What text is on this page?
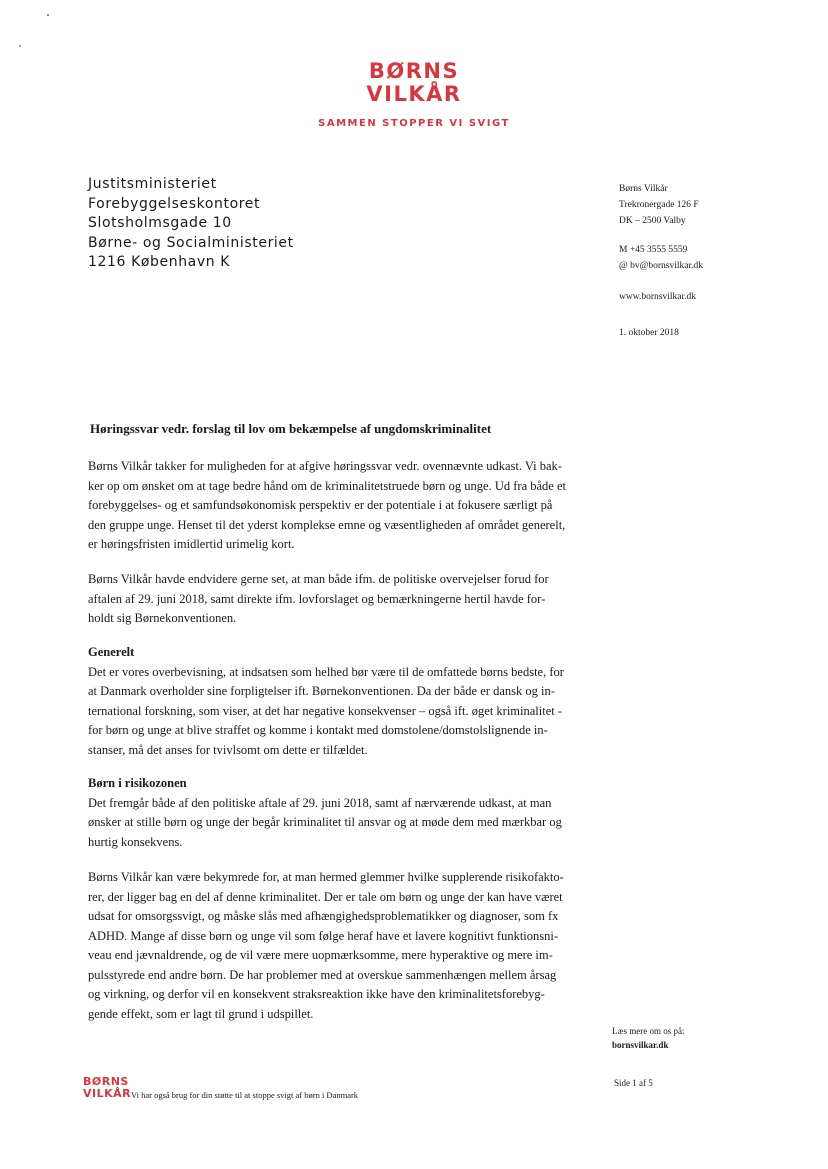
BØRNS
VILKÅR
SAMMEN STOPPER VI SVIGT
Justitsministeriet
Forebyggelseskontoret
Slotsholmsgade 10
Børne- og Socialministeriet
1216 København K
Børns Vilkår
Trekronergade 126 F
DK – 2500 Valby
M +45 3555 5559
@ bv@bornsvilkar.dk
www.bornsvilkar.dk
1. oktober 2018
Høringssvar vedr. forslag til lov om bekæmpelse af ungdomskriminalitet
Børns Vilkår takker for muligheden for at afgive høringssvar vedr. ovennævnte udkast. Vi bak-
ker op om ønsket om at tage bedre hånd om de kriminalitetstruede børn og unge. Ud fra både et
forebyggelses- og et samfundsøkonomisk perspektiv er der potentiale i at fokusere særligt på
den gruppe unge. Henset til det yderst komplekse emne og væsentligheden af området generelt,
er høringsfristen imidlertid urimelig kort.
Børns Vilkår havde endvidere gerne set, at man både ifm. de politiske overvejelser forud for
aftalen af 29. juni 2018, samt direkte ifm. lovforslaget og bemærkningerne hertil havde for-
holdt sig Børnekonventionen.
Generelt
Det er vores overbevisning, at indsatsen som helhed bør være til de omfattede børns bedste, for
at Danmark overholder sine forpligtelser ift. Børnekonventionen. Da der både er dansk og in-
ternational forskning, som viser, at det har negative konsekvenser – også ift. øget kriminalitet -
for børn og unge at blive straffet og komme i kontakt med domstolene/domstolslignende in-
stanser, må det anses for tvivlsomt om dette er tilfældet.
Børn i risikozonen
Det fremgår både af den politiske aftale af 29. juni 2018, samt af nærværende udkast, at man
ønsker at stille børn og unge der begår kriminalitet til ansvar og at møde dem med mærkbar og
hurtig konsekvens.
Børns Vilkår kan være bekymrede for, at man hermed glemmer hvilke supplerende risikofakto-
rer, der ligger bag en del af denne kriminalitet. Der er tale om børn og unge der kan have været
udsat for omsorgssvigt, og måske slås med afhængighedsproblematikker og diagnoser, som fx
ADHD. Mange af disse børn og unge vil som følge heraf have et lavere kognitivt funktionsni-
veau end jævnaldrende, og de vil være mere uopmærksomme, mere hyperaktive og mere im-
pulsstyrede end andre børn. De har problemer med at overskue sammenhængen mellem årsag
og virkning, og derfor vil en konsekvent straksreaktion ikke have den kriminalitetsforebyg-
gende effekt, som er lagt til grund i udspillet.
Læs mere om os på:
bornsvilkar.dk
BØRNS
VILKÅR Vi har også brug for din støtte til at stoppe svigt af børn i Danmark
Side 1 af 5
